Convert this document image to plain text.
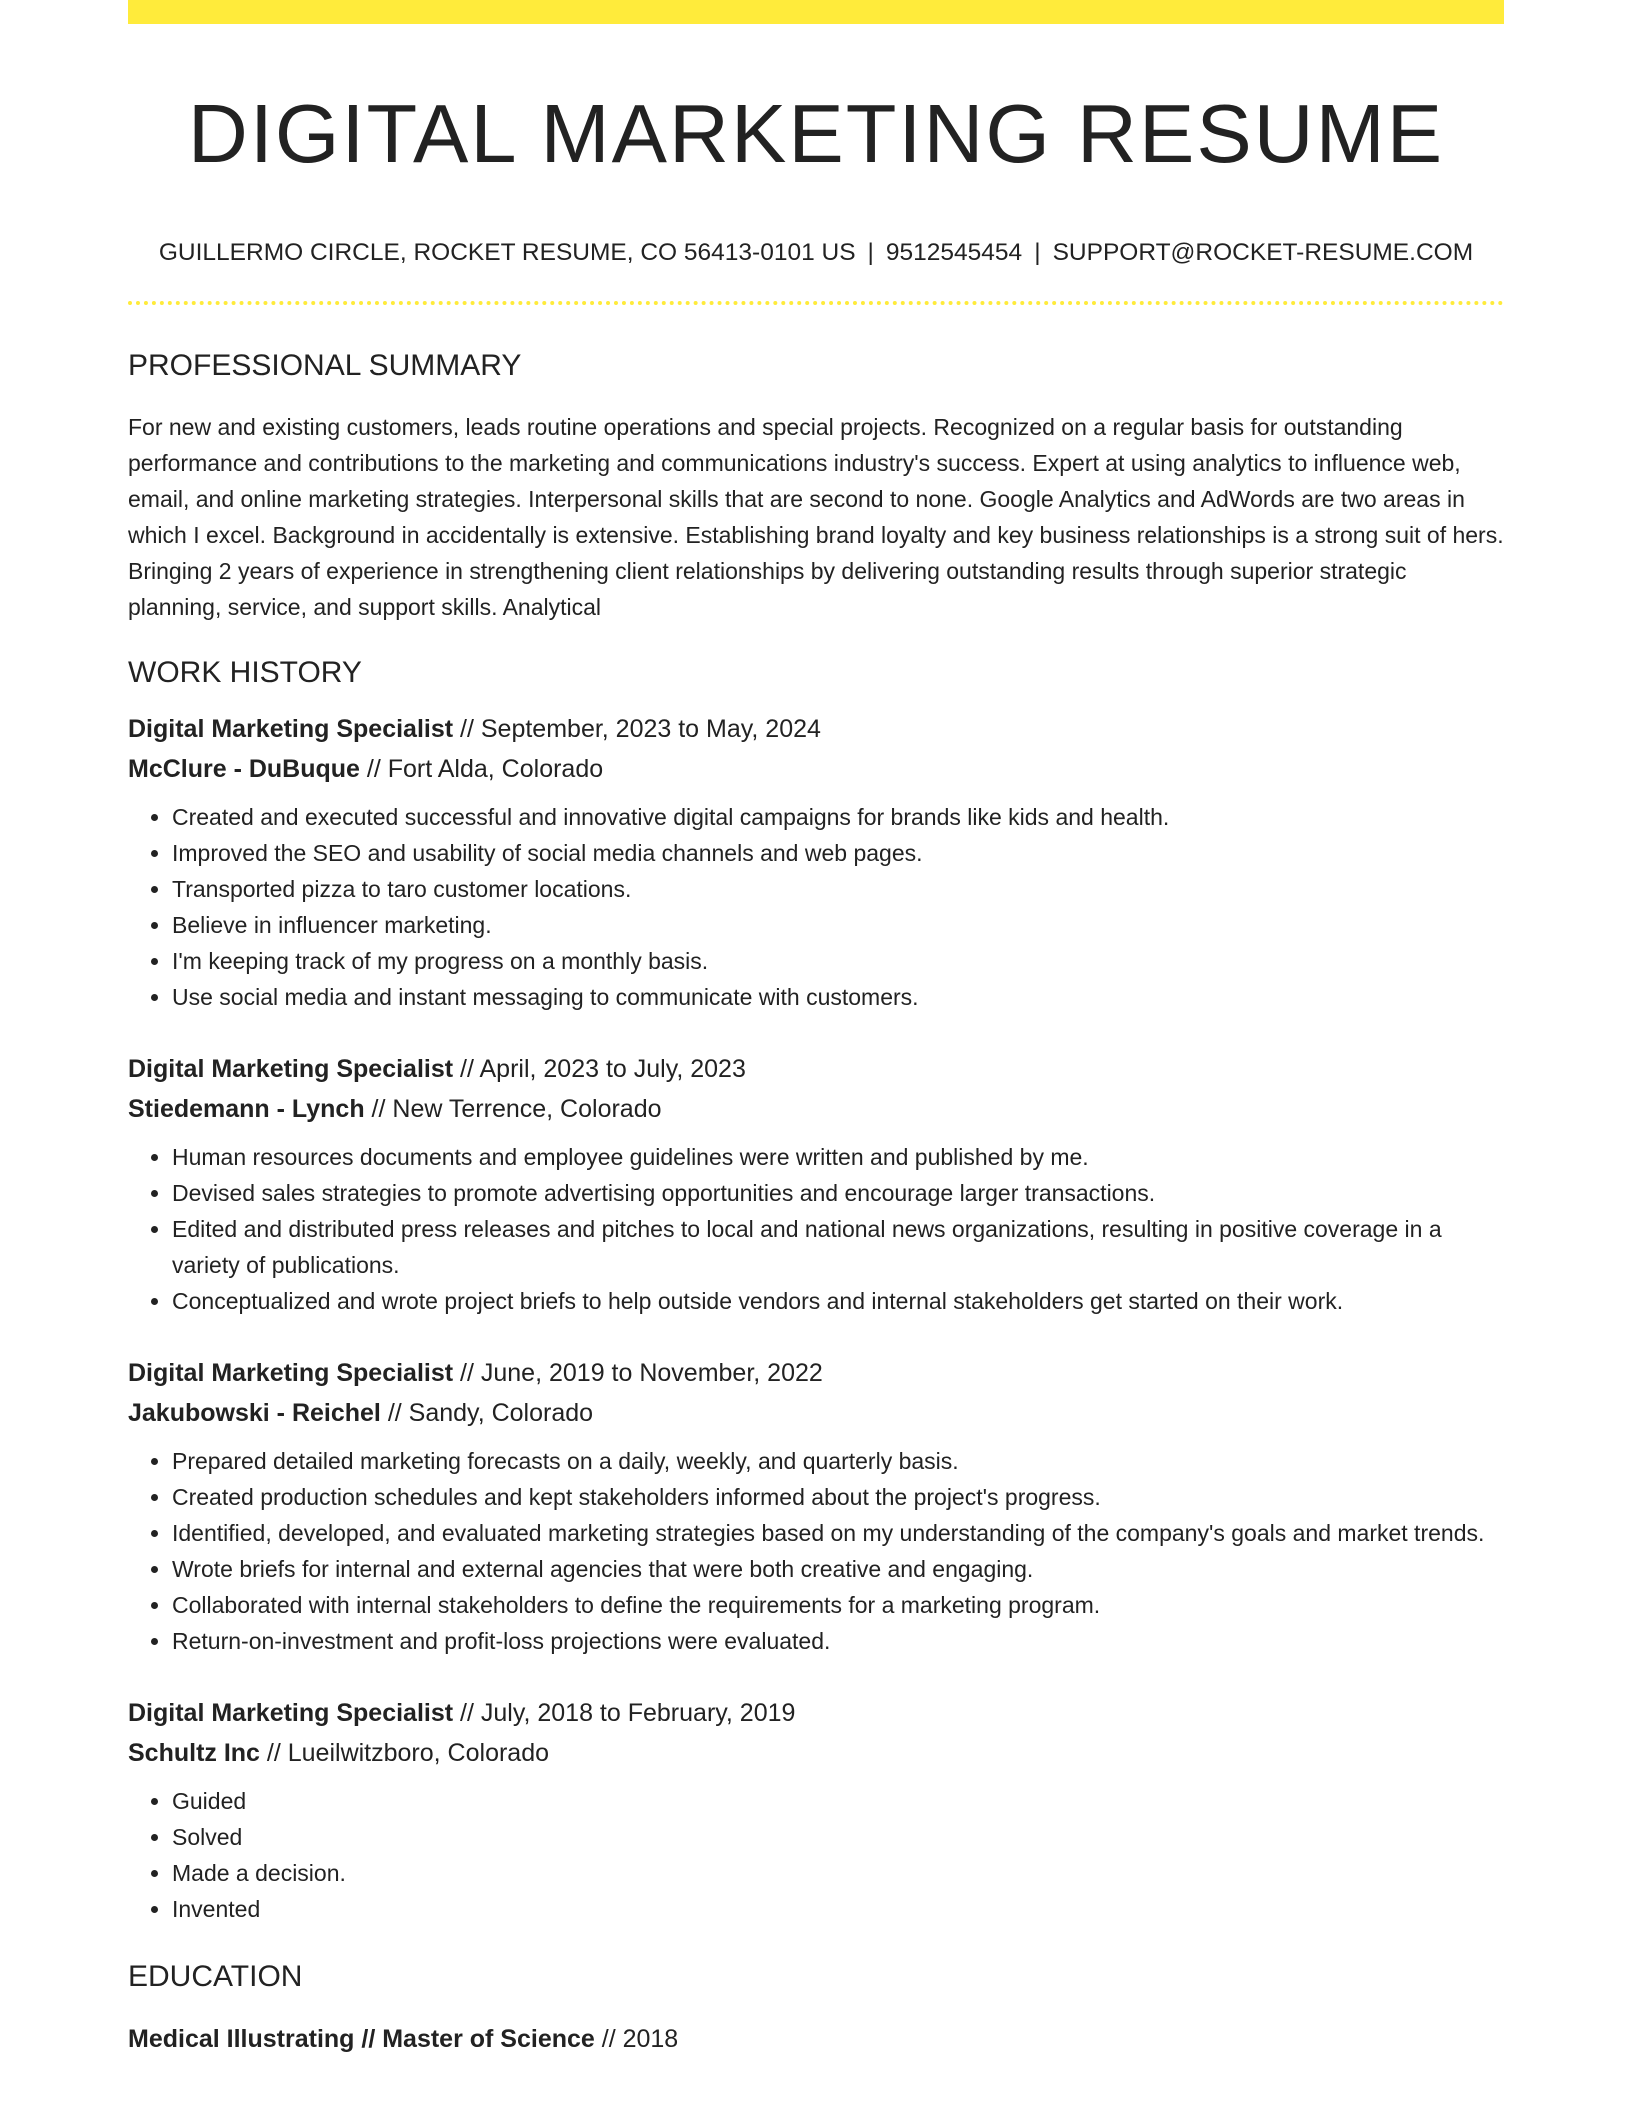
DIGITAL MARKETING RESUME
GUILLERMO CIRCLE, ROCKET RESUME, CO 56413-0101 US | 9512545454 | SUPPORT@ROCKET-RESUME.COM
PROFESSIONAL SUMMARY

For new and existing customers, leads routine operations and special projects. Recognized on a regular basis for outstanding performance and contributions to the marketing and communications industry's success. Expert at using analytics to influence web, email, and online marketing strategies. Interpersonal skills that are second to none. Google Analytics and AdWords are two areas in which I excel. Background in accidentally is extensive. Establishing brand loyalty and key business relationships is a strong suit of hers. Bringing 2 years of experience in strengthening client relationships by delivering outstanding results through superior strategic planning, service, and support skills. Analytical

WORK HISTORY
Digital Marketing Specialist // September, 2023 to May, 2024
McClure - DuBuque // Fort Alda, Colorado
• Created and executed successful and innovative digital campaigns for brands like kids and health.
• Improved the SEO and usability of social media channels and web pages.
• Transported pizza to taro customer locations.
• Believe in influencer marketing.
• I'm keeping track of my progress on a monthly basis.
• Use social media and instant messaging to communicate with customers.
Digital Marketing Specialist // April, 2023 to July, 2023
Stiedemann - Lynch // New Terrence, Colorado
• Human resources documents and employee guidelines were written and published by me.
• Devised sales strategies to promote advertising opportunities and encourage larger transactions.
• Edited and distributed press releases and pitches to local and national news organizations, resulting in positive coverage in a variety of publications.
• Conceptualized and wrote project briefs to help outside vendors and internal stakeholders get started on their work.
Digital Marketing Specialist // June, 2019 to November, 2022
Jakubowski - Reichel // Sandy, Colorado
• Prepared detailed marketing forecasts on a daily, weekly, and quarterly basis.
• Created production schedules and kept stakeholders informed about the project's progress.
• Identified, developed, and evaluated marketing strategies based on my understanding of the company's goals and market trends.
• Wrote briefs for internal and external agencies that were both creative and engaging.
• Collaborated with internal stakeholders to define the requirements for a marketing program.
• Return-on-investment and profit-loss projections were evaluated.
Digital Marketing Specialist // July, 2018 to February, 2019
Schultz Inc // Lueilwitzboro, Colorado
• Guided
• Solved
• Made a decision.
• Invented
EDUCATION
Medical Illustrating // Master of Science // 2018
